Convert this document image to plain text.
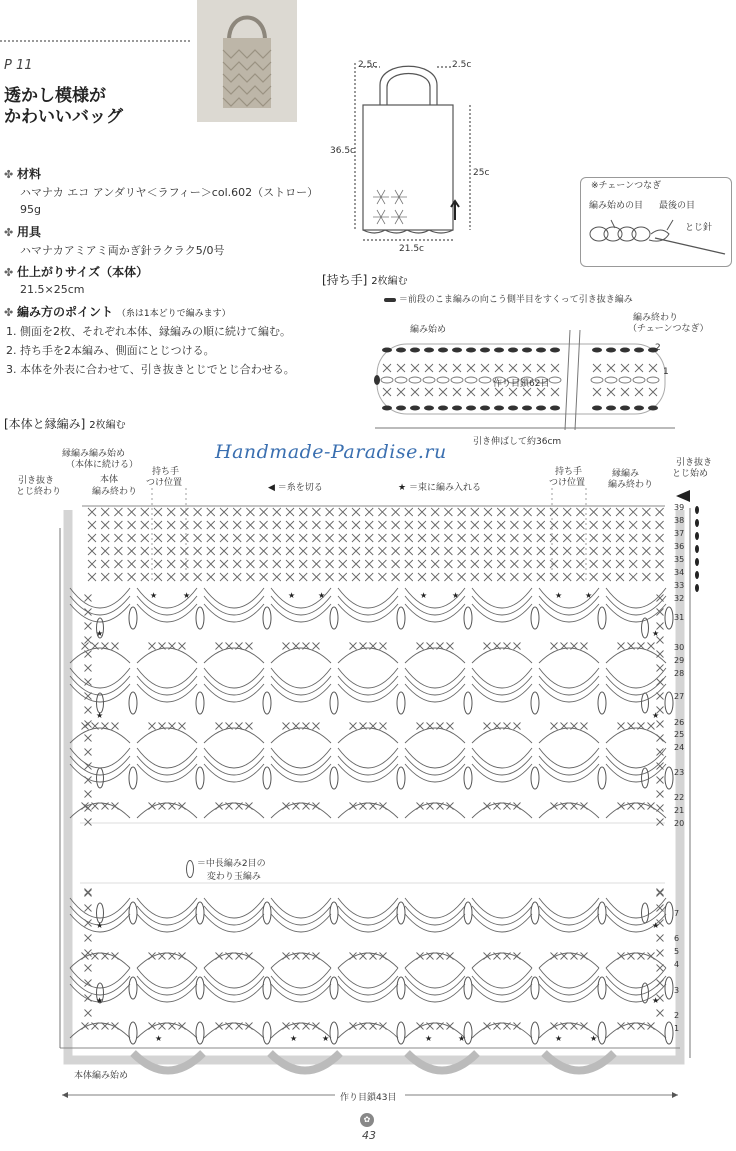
P 11
透かし模様が
かわいいバッグ
✤ 材料
ハマナカ エコ アンダリヤ＜ラフィー＞col.602（ストロー）
95g
✤ 用具
ハマナカアミアミ両かぎ針ラクラク5/0号
✤ 仕上がりサイズ（本体）
21.5×25cm
✤ 編み方のポイント （糸は1本どりで編みます）
1. 側面を2枚、それぞれ本体、縁編みの順に続けて編む。
2. 持ち手を2本編み、側面にとじつける。
3. 本体を外表に合わせて、引き抜きとじでとじ合わせる。
2.5c	2.5c
36.5c
25c
21.5c
※チェーンつなぎ
編み始めの目 最後の目
とじ針
[持ち手] 2枚編む
＝前段のこま編みの向こう側半目をすくって引き抜き編み
編み始め
編み終わり
（チェーンつなぎ）
作り目鎖62目
2
1
引き伸ばして約36cm
[本体と縁編み] 2枚編む
Handmade-Paradise.ru
縁編み編み始め
（本体に続ける）
引き抜き
とじ終わり
本体
編み終わり
持ち手
つけ位置	◀ ＝糸を切る	★ ＝束に編み入れる
持ち手
つけ位置
縁編み
編み終わり
引き抜き
とじ始め
★	★	★	★	★	★	★	★
★
★
★
★
★
★
★
★
★	★	★	★	★	★	★
39
38
37
36
35
34
33
32
31
30
29
28
27
26
25
24
23
22
21
20
7
6
5
4
3
2
1

＝中長編み2目の
変わり玉編み
本体編み始め
作り目鎖43目
✿
43
